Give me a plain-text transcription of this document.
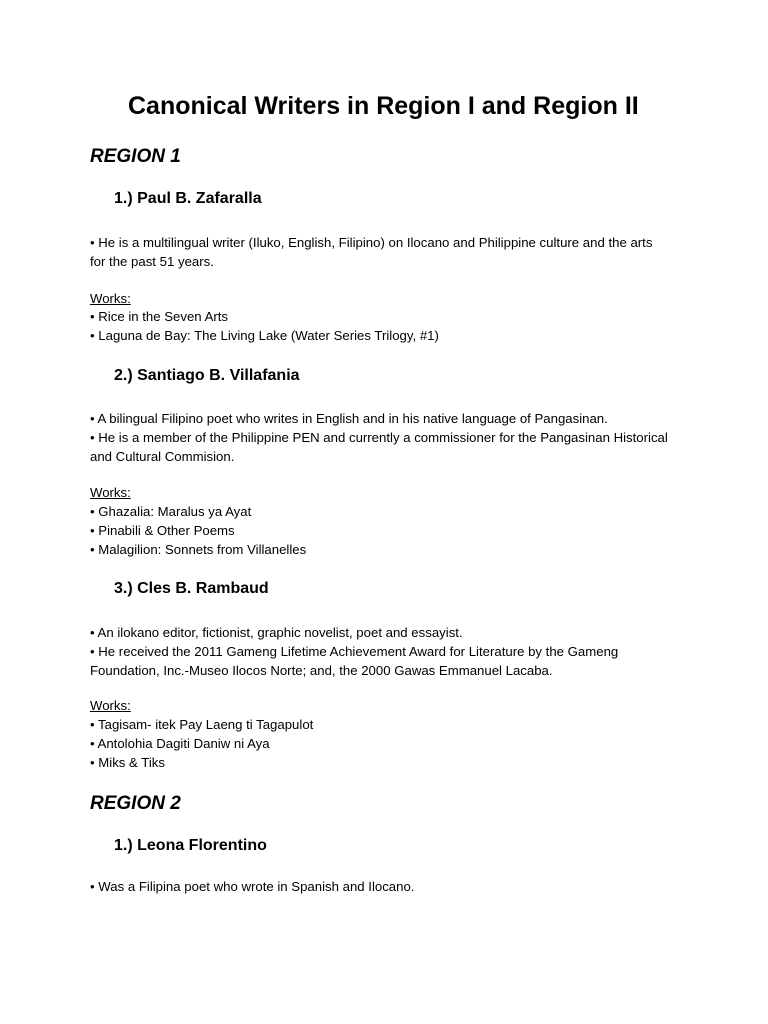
Canonical Writers in Region I and Region II
REGION 1
1.) Paul B. Zafaralla
• He is a multilingual writer (Iluko, English, Filipino) on Ilocano and Philippine culture and the arts for the past 51 years.
Works:
• Rice in the Seven Arts
• Laguna de Bay: The Living Lake (Water Series Trilogy, #1)
2.) Santiago B. Villafania
• A bilingual Filipino poet who writes in English and in his native language of Pangasinan.
• He is a member of the Philippine PEN and currently a commissioner for the Pangasinan Historical and Cultural Commision.
Works:
• Ghazalia: Maralus ya Ayat
• Pinabili & Other Poems
• Malagilion: Sonnets from Villanelles
3.) Cles B. Rambaud
• An ilokano editor, fictionist, graphic novelist, poet and essayist.
• He received the 2011 Gameng Lifetime Achievement Award for Literature by the Gameng Foundation, Inc.-Museo Ilocos Norte; and, the 2000 Gawas Emmanuel Lacaba.
Works:
• Tagisam- itek Pay Laeng ti Tagapulot
• Antolohia Dagiti Daniw ni Aya
• Miks & Tiks
REGION 2
1.) Leona Florentino
• Was a Filipina poet who wrote in Spanish and Ilocano.
